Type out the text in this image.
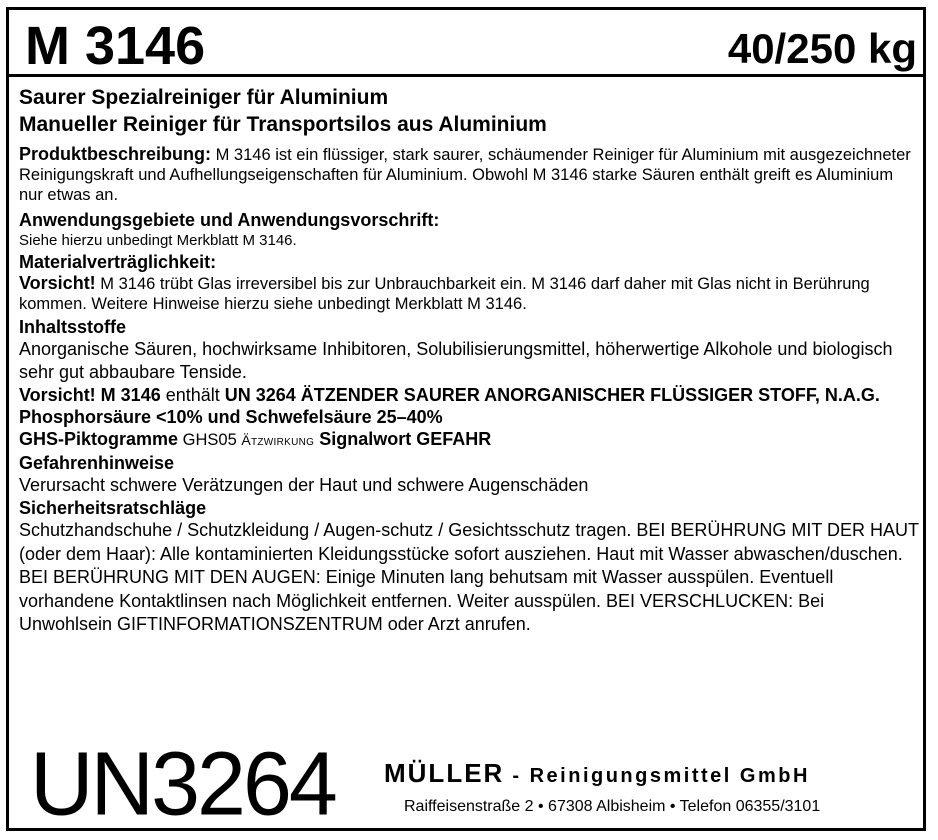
M 3146	40/250 kg

Saurer Spezialreiniger für Aluminium

Manueller Reiniger für Transportsilos aus Aluminium

Produktbeschreibung: M 3146 ist ein flüssiger, stark saurer, schäumender Reiniger für Aluminium mit ausgezeichneter Reinigungskraft und Aufhellungseigenschaften für Aluminium. Obwohl M 3146 starke Säuren enthält greift es Aluminium nur etwas an.

Anwendungsgebiete und Anwendungsvorschrift:

Siehe hierzu unbedingt Merkblatt M 3146.

Materialverträglichkeit:

Vorsicht! M 3146 trübt Glas irreversibel bis zur Unbrauchbarkeit ein. M 3146 darf daher mit Glas nicht in Berührung kommen. Weitere Hinweise hierzu siehe unbedingt Merkblatt M 3146.

Inhaltsstoffe

Anorganische Säuren, hochwirksame Inhibitoren, Solubilisierungsmittel, höherwertige Alkohole und biologisch sehr gut abbaubare Tenside.

Vorsicht! M 3146 enthält UN 3264 ÄTZENDER SAURER ANORGANISCHER FLÜSSIGER STOFF, N.A.G. Phosphorsäure <10% und Schwefelsäure 25–40%

GHS-Piktogramme GHS05 Ätzwirkung Signalwort GEFAHR

Gefahrenhinweise

Verursacht schwere Verätzungen der Haut und schwere Augenschäden

Sicherheitsratschläge

Schutzhandschuhe / Schutzkleidung / Augen-schutz / Gesichtsschutz tragen. BEI BERÜHRUNG MIT DER HAUT (oder dem Haar): Alle kontaminierten Kleidungsstücke sofort ausziehen. Haut mit Wasser abwaschen/duschen. BEI BERÜHRUNG MIT DEN AUGEN: Einige Minuten lang behutsam mit Wasser ausspülen. Eventuell vorhandene Kontaktlinsen nach Möglichkeit entfernen. Weiter ausspülen. BEI VERSCHLUCKEN: Bei Unwohlsein GIFTINFORMATIONSZENTRUM oder Arzt anrufen.

UN3264 MÜLLER - Reinigungsmittel GmbH
Raiffeisenstraße 2 • 67308 Albisheim • Telefon 06355/3101
